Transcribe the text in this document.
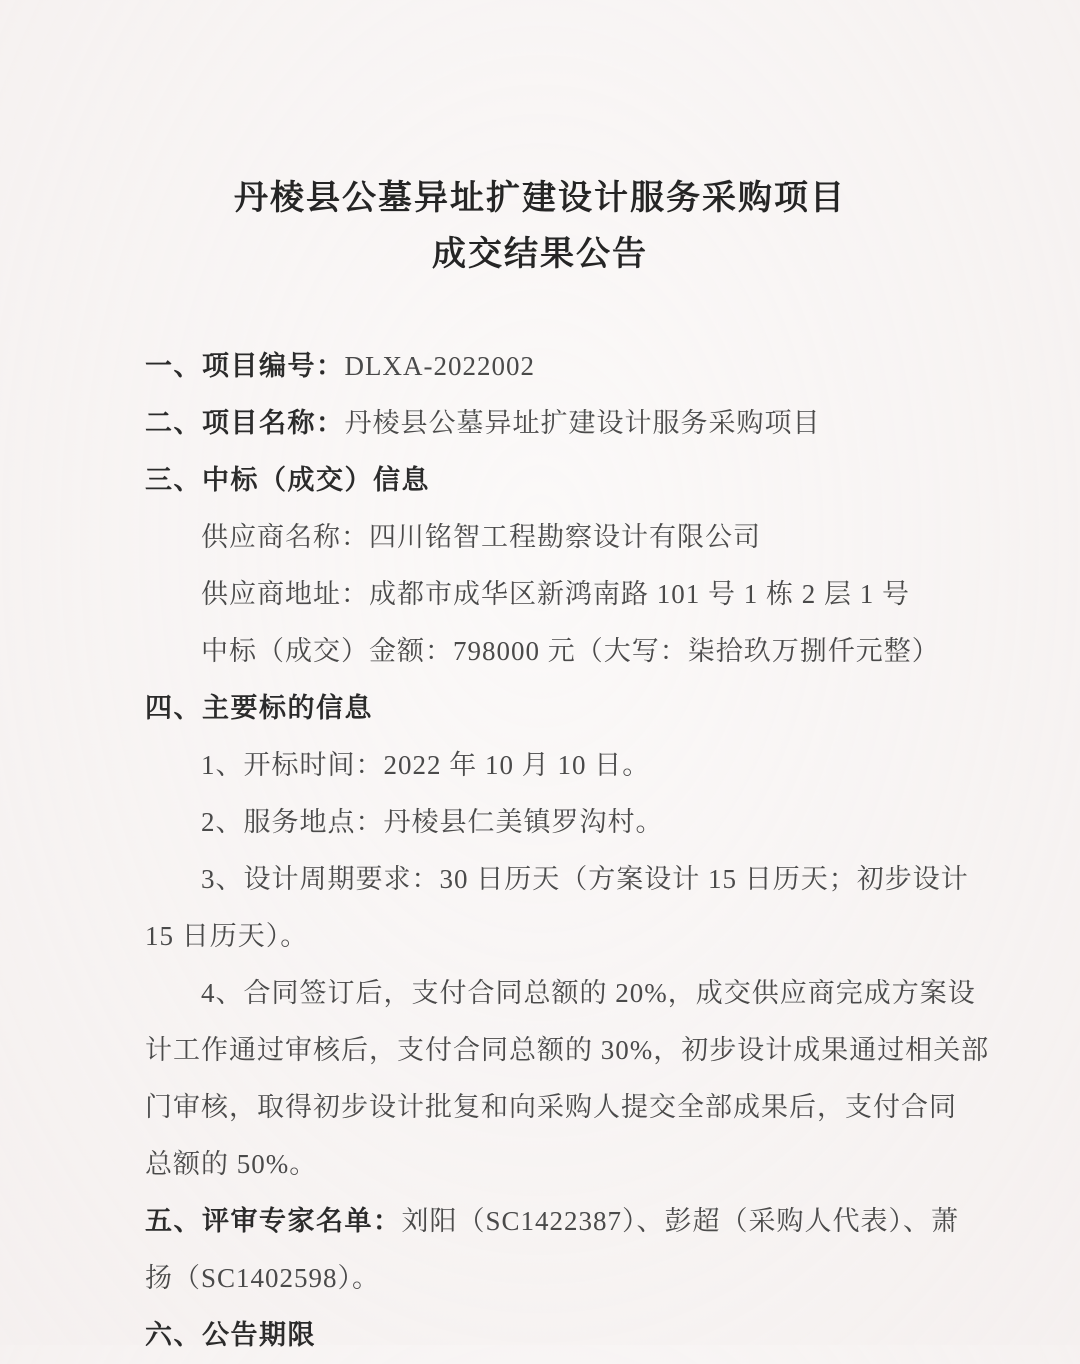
丹棱县公墓异址扩建设计服务采购项目
成交结果公告
一、项目编号：DLXA-2022002
二、项目名称：丹棱县公墓异址扩建设计服务采购项目
三、中标（成交）信息
供应商名称：四川铭智工程勘察设计有限公司
供应商地址：成都市成华区新鸿南路 101 号 1 栋 2 层 1 号
中标（成交）金额：798000 元（大写：柒拾玖万捌仟元整）
四、主要标的信息
1、开标时间：2022 年 10 月 10 日。
2、服务地点：丹棱县仁美镇罗沟村。
3、设计周期要求：30 日历天（方案设计 15 日历天；初步设计
15 日历天）。
4、合同签订后，支付合同总额的 20%，成交供应商完成方案设
计工作通过审核后，支付合同总额的 30%，初步设计成果通过相关部
门审核，取得初步设计批复和向采购人提交全部成果后，支付合同
总额的 50%。
五、评审专家名单：刘阳（SC1422387）、彭超（采购人代表）、萧
扬（SC1402598）。
六、公告期限
